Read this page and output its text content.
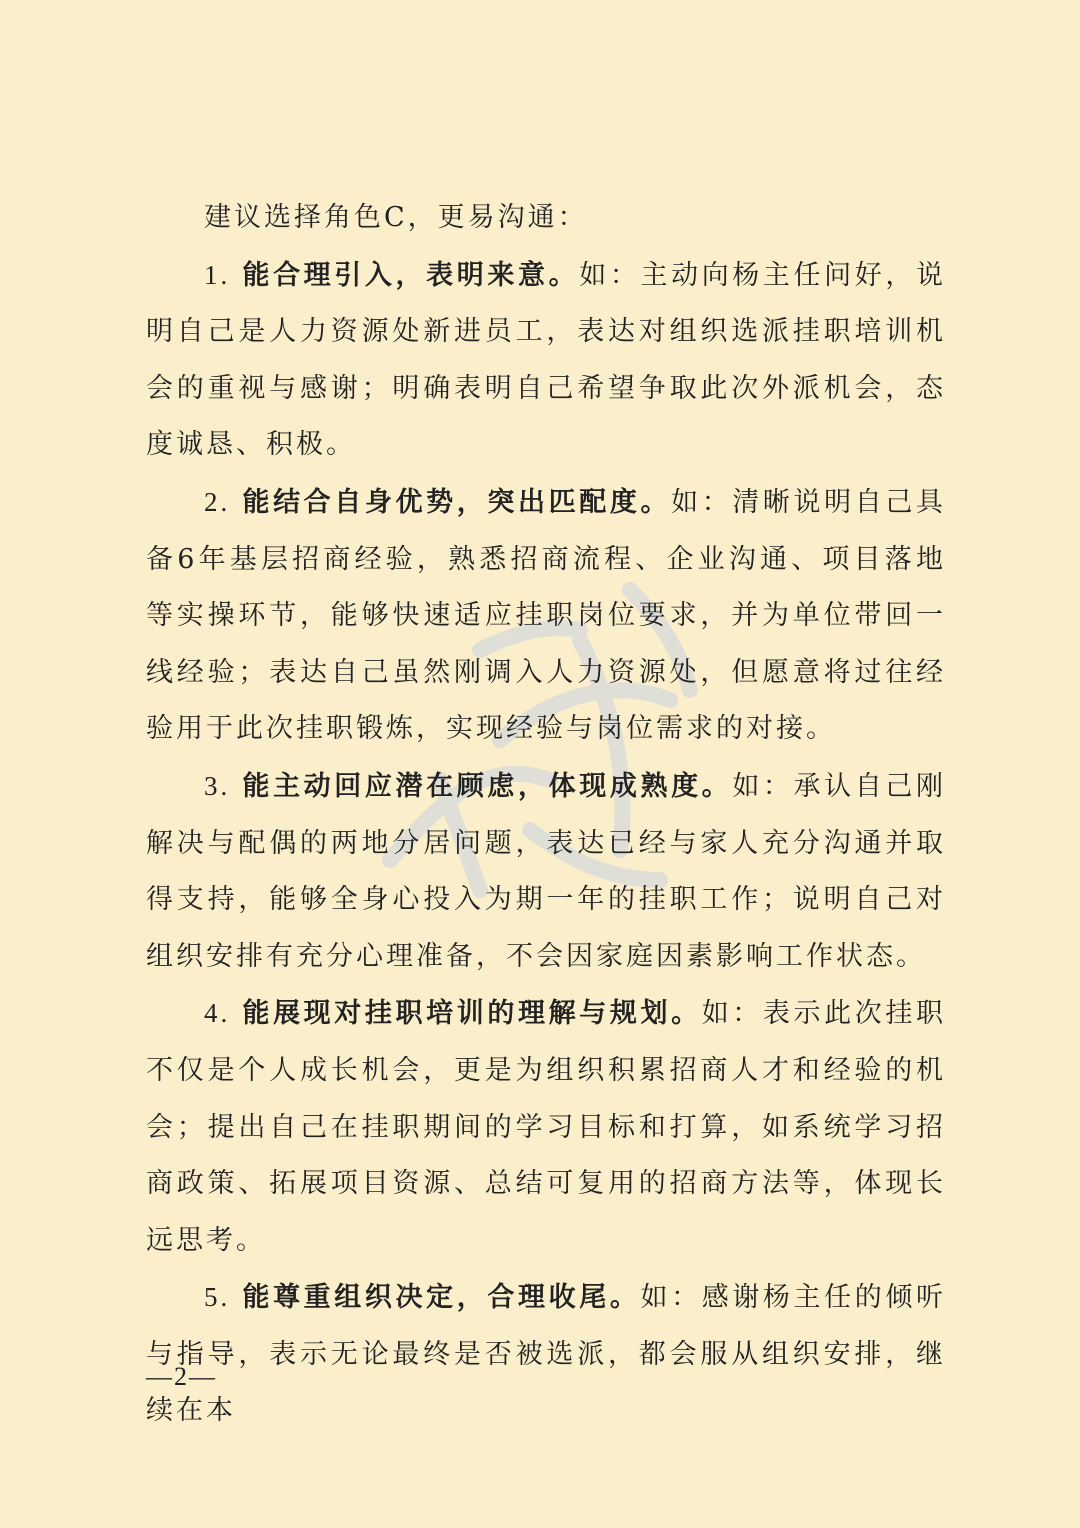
建议选择角色C，更易沟通：

1. 能合理引入，表明来意。如：主动向杨主任问好，说明自己是人力资源处新进员工，表达对组织选派挂职培训机会的重视与感谢；明确表明自己希望争取此次外派机会，态度诚恳、积极。

2. 能结合自身优势，突出匹配度。如：清晰说明自己具备6年基层招商经验，熟悉招商流程、企业沟通、项目落地等实操环节，能够快速适应挂职岗位要求，并为单位带回一线经验；表达自己虽然刚调入人力资源处，但愿意将过往经验用于此次挂职锻炼，实现经验与岗位需求的对接。

3. 能主动回应潜在顾虑，体现成熟度。如：承认自己刚解决与配偶的两地分居问题，表达已经与家人充分沟通并取得支持，能够全身心投入为期一年的挂职工作；说明自己对组织安排有充分心理准备，不会因家庭因素影响工作状态。

4. 能展现对挂职培训的理解与规划。如：表示此次挂职不仅是个人成长机会，更是为组织积累招商人才和经验的机会；提出自己在挂职期间的学习目标和打算，如系统学习招商政策、拓展项目资源、总结可复用的招商方法等，体现长远思考。

5. 能尊重组织决定，合理收尾。如：感谢杨主任的倾听与指导，表示无论最终是否被选派，都会服从组织安排，继续在本

—2—
